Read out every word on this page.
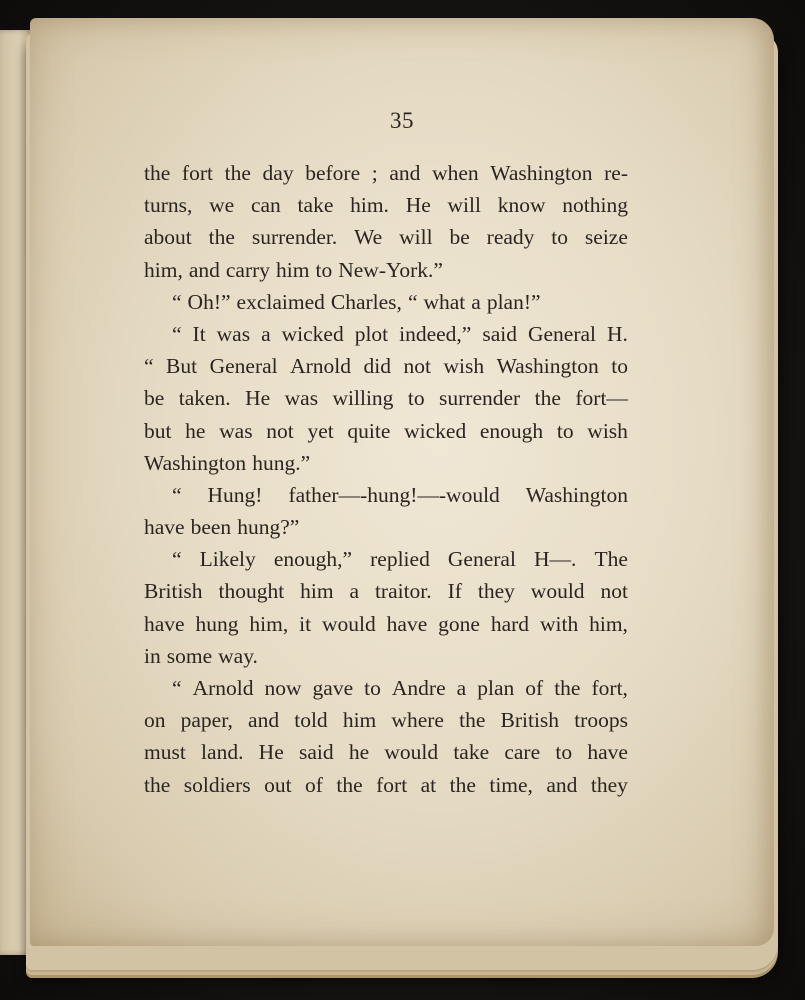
35
the fort the day before ; and when Washington re-
turns, we can take him. He will know nothing
about the surrender. We will be ready to seize
him, and carry him to New-York.”
“ Oh!” exclaimed Charles, “ what a plan!”
“ It was a wicked plot indeed,” said General H.
“ But General Arnold did not wish Washington to
be taken. He was willing to surrender the fort—
but he was not yet quite wicked enough to wish
Washington hung.”
“ Hung! father—-hung!—-would Washington
have been hung?”
“ Likely enough,” replied General H—. The
British thought him a traitor. If they would not
have hung him, it would have gone hard with him,
in some way.
“ Arnold now gave to Andre a plan of the fort,
on paper, and told him where the British troops
must land. He said he would take care to have
the soldiers out of the fort at the time, and they
